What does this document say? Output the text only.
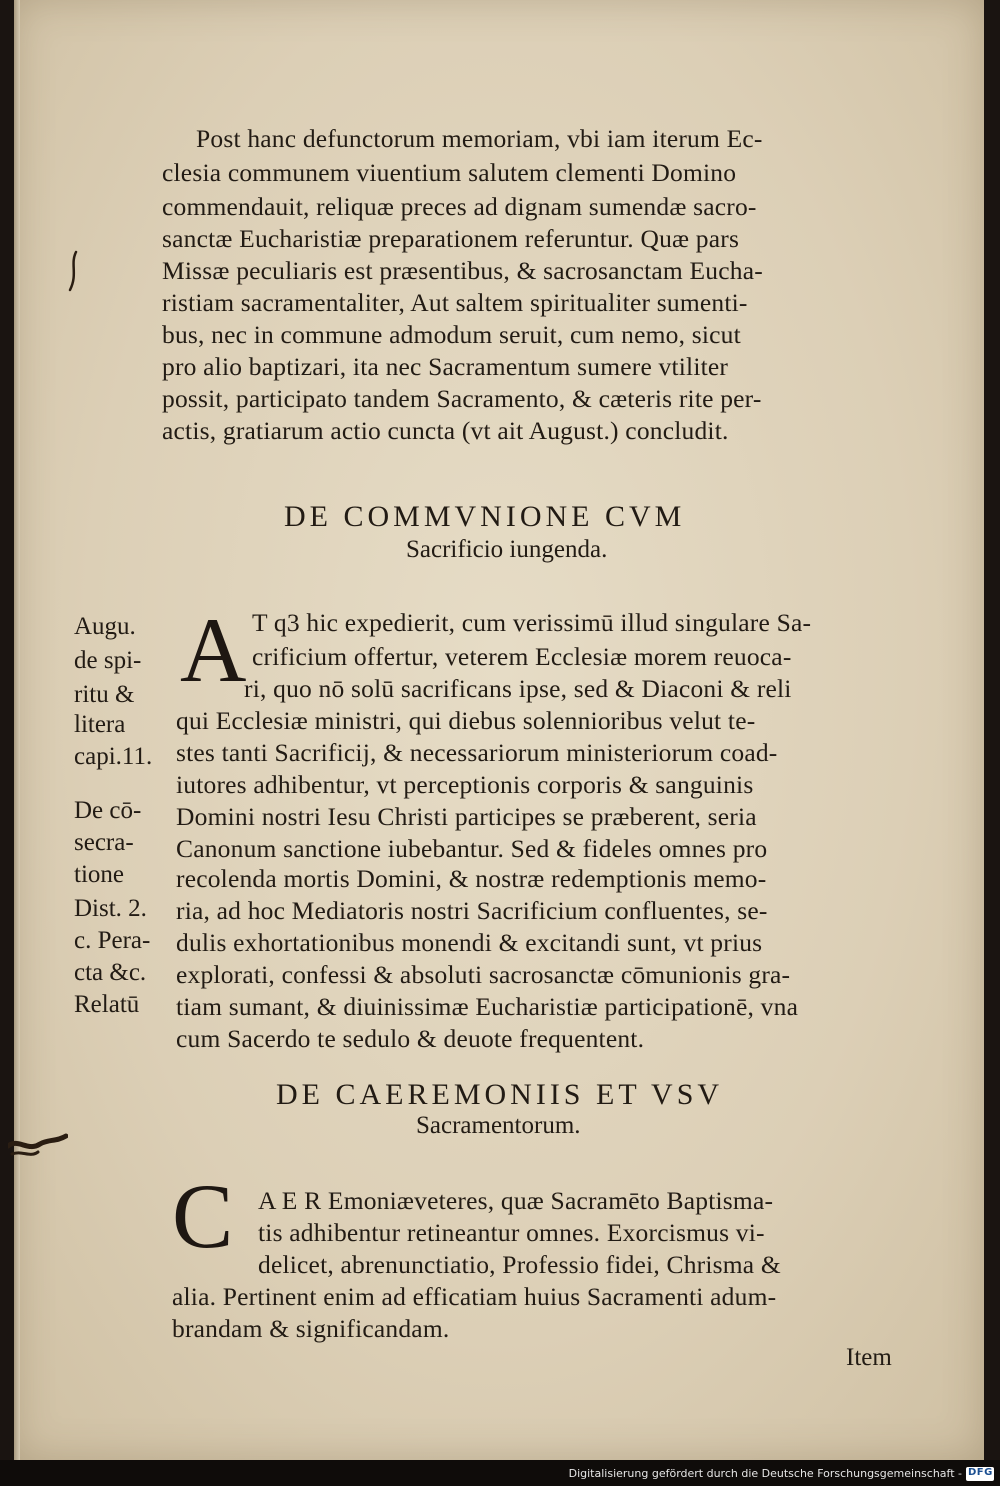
Post hanc defunctorum memoriam, vbi iam iterum Ec-
clesia communem viuentium salutem clementi Domino
commendauit, reliquæ preces ad dignam sumendæ sacro-
sanctæ Eucharistiæ preparationem referuntur. Quæ pars
Missæ peculiaris est præsentibus, & sacrosanctam Eucha-
ristiam sacramentaliter, Aut saltem spiritualiter sumenti-
bus, nec in commune admodum seruit, cum nemo, sicut
pro alio baptizari, ita nec Sacramentum sumere vtiliter
possit, participato tandem Sacramento, & cæteris rite per-
actis, gratiarum actio cuncta (vt ait August.) concludit.
DE COMMVNIONE CVM
Sacrificio iungenda.
Augu.
de spi-
ritu &
litera
capi.11.
De cō-
secra-
tione
Dist. 2.
c. Pera-
cta &c.
Relatū
A T q3 hic expedierit, cum verissimū illud singulare Sa-
crificium offertur, veterem Ecclesiæ morem reuoca-
ri, quo nō solū sacrificans ipse, sed & Diaconi & reli
qui Ecclesiæ ministri, qui diebus solennioribus velut te-
stes tanti Sacrificij, & necessariorum ministeriorum coad-
iutores adhibentur, vt perceptionis corporis & sanguinis
Domini nostri Iesu Christi participes se præberent, seria
Canonum sanctione iubebantur. Sed & fideles omnes pro
recolenda mortis Domini, & nostræ redemptionis memo-
ria, ad hoc Mediatoris nostri Sacrificium confluentes, se-
dulis exhortationibus monendi & excitandi sunt, vt prius
explorati, confessi & absoluti sacrosanctæ cōmunionis gra-
tiam sumant, & diuinissimæ Eucharistiæ participationē, vna
cum Sacerdo te sedulo & deuote frequentent.
DE CAEREMONIIS ET VSV
Sacramentorum.
C A E R Emoniæveteres, quæ Sacramēto Baptisma-
tis adhibentur retineantur omnes. Exorcismus vi-
delicet, abrenunctiatio, Professio fidei, Chrisma &
alia. Pertinent enim ad efficatiam huius Sacramenti adum-
brandam & significandam.
Item
Digitalisierung gefördert durch die Deutsche Forschungsgemeinschaft - DFG
